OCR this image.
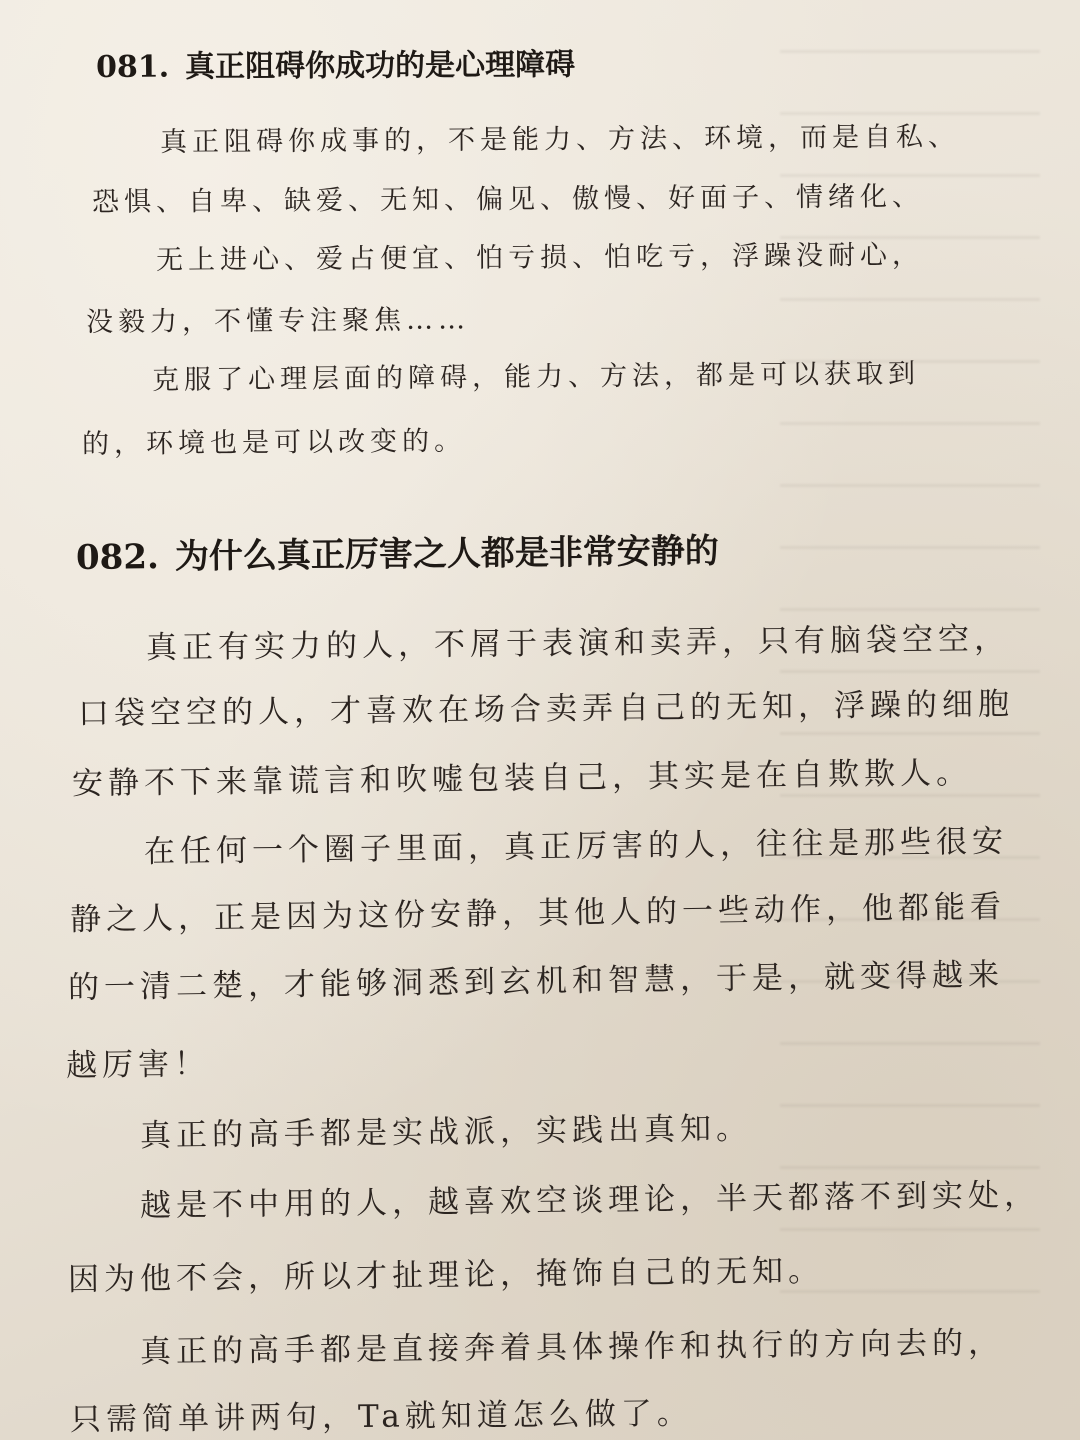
081. 真正阻碍你成功的是心理障碍

真正阻碍你成事的，不是能力、方法、环境，而是自私、

恐惧、自卑、缺爱、无知、偏见、傲慢、好面子、情绪化、

无上进心、爱占便宜、怕亏损、怕吃亏，浮躁没耐心，

没毅力，不懂专注聚焦……

克服了心理层面的障碍，能力、方法，都是可以获取到

的，环境也是可以改变的。

082. 为什么真正厉害之人都是非常安静的

真正有实力的人，不屑于表演和卖弄，只有脑袋空空，

口袋空空的人，才喜欢在场合卖弄自己的无知，浮躁的细胞

安静不下来靠谎言和吹嘘包装自己，其实是在自欺欺人。

在任何一个圈子里面，真正厉害的人，往往是那些很安

静之人，正是因为这份安静，其他人的一些动作，他都能看

的一清二楚，才能够洞悉到玄机和智慧，于是，就变得越来

越厉害！

真正的高手都是实战派，实践出真知。

越是不中用的人，越喜欢空谈理论，半天都落不到实处，

因为他不会，所以才扯理论，掩饰自己的无知。

真正的高手都是直接奔着具体操作和执行的方向去的，

只需简单讲两句，Ta就知道怎么做了。
